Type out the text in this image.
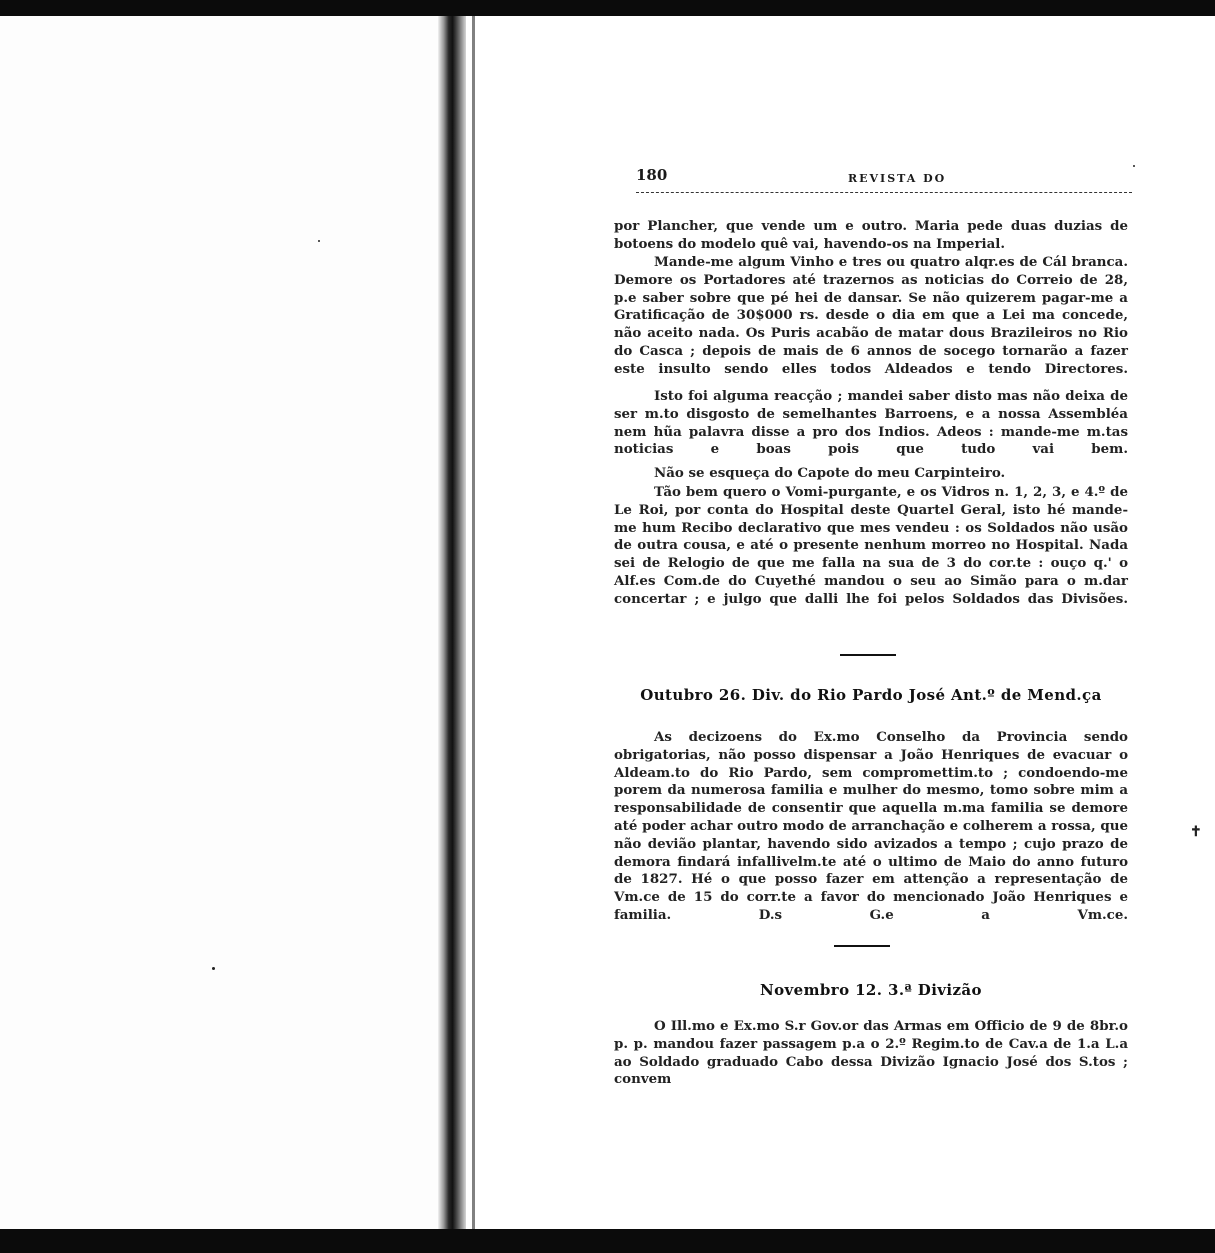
180	REVISTA DO

por Plancher, que vende um e outro. Maria pede duas duzias de

botoens do modelo quê vai, havendo-os na Imperial.

Mande-me algum Vinho e tres ou quatro alqr.es de Cál branca. Demore os Portadores até trazernos as noticias do Correio de 28, p.e saber sobre que pé hei de dansar. Se não quizerem pagar-me a Gratificação de 30$000 rs. desde o dia em que a Lei ma concede, não aceito nada. Os Puris acabão de matar dous Brazileiros no Rio do Casca ; depois de mais de 6 annos de socego tornarão a fazer este insulto sendo elles todos Aldeados e tendo Directores.

Isto foi alguma reacção ; mandei saber disto mas não deixa de ser m.to disgosto de semelhantes Barroens, e a nossa Assembléa nem hũa palavra disse a pro dos Indios. Adeos : mande-me m.tas noticias e boas pois que tudo vai bem.

Não se esqueça do Capote do meu Carpinteiro.

Tão bem quero o Vomi-purgante, e os Vidros n. 1, 2, 3, e 4.º de Le Roi, por conta do Hospital deste Quartel Geral, isto hé mande-me hum Recibo declarativo que mes vendeu : os Soldados não usão de outra cousa, e até o presente nenhum morreo no Hospital. Nada sei de Relogio de que me falla na sua de 3 do cor.te : ouço q.' o Alf.es Com.de do Cuyethé mandou o seu ao Simão para o m.dar concertar ; e julgo que dalli lhe foi pelos Soldados das Divisões.

Outubro 26. Div. do Rio Pardo José Ant.º de Mend.ça

As decizoens do Ex.mo Conselho da Provincia sendo obrigatorias, não posso dispensar a João Henriques de evacuar o Aldeam.to do Rio Pardo, sem compromettim.to ; condoendo-me porem da numerosa familia e mulher do mesmo, tomo sobre mim a responsabilidade de consentir que aquella m.ma familia se demore até poder achar outro modo de arranchação e colherem a rossa, que não devião plantar, havendo sido avizados a tempo ; cujo prazo de demora findará infallivelm.te até o ultimo de Maio do anno futuro de 1827. Hé o que posso fazer em attenção a representação de Vm.ce de 15 do corr.te a favor do mencionado João Henriques e familia. D.s G.e a Vm.ce.

Novembro 12. 3.ª Divizão

O Ill.mo e Ex.mo S.r Gov.or das Armas em Officio de 9 de 8br.o p. p. mandou fazer passagem p.a o 2.º Regim.to de Cav.a de 1.a L.a ao Soldado graduado Cabo dessa Divizão Ignacio José dos S.tos ; convem

✝
